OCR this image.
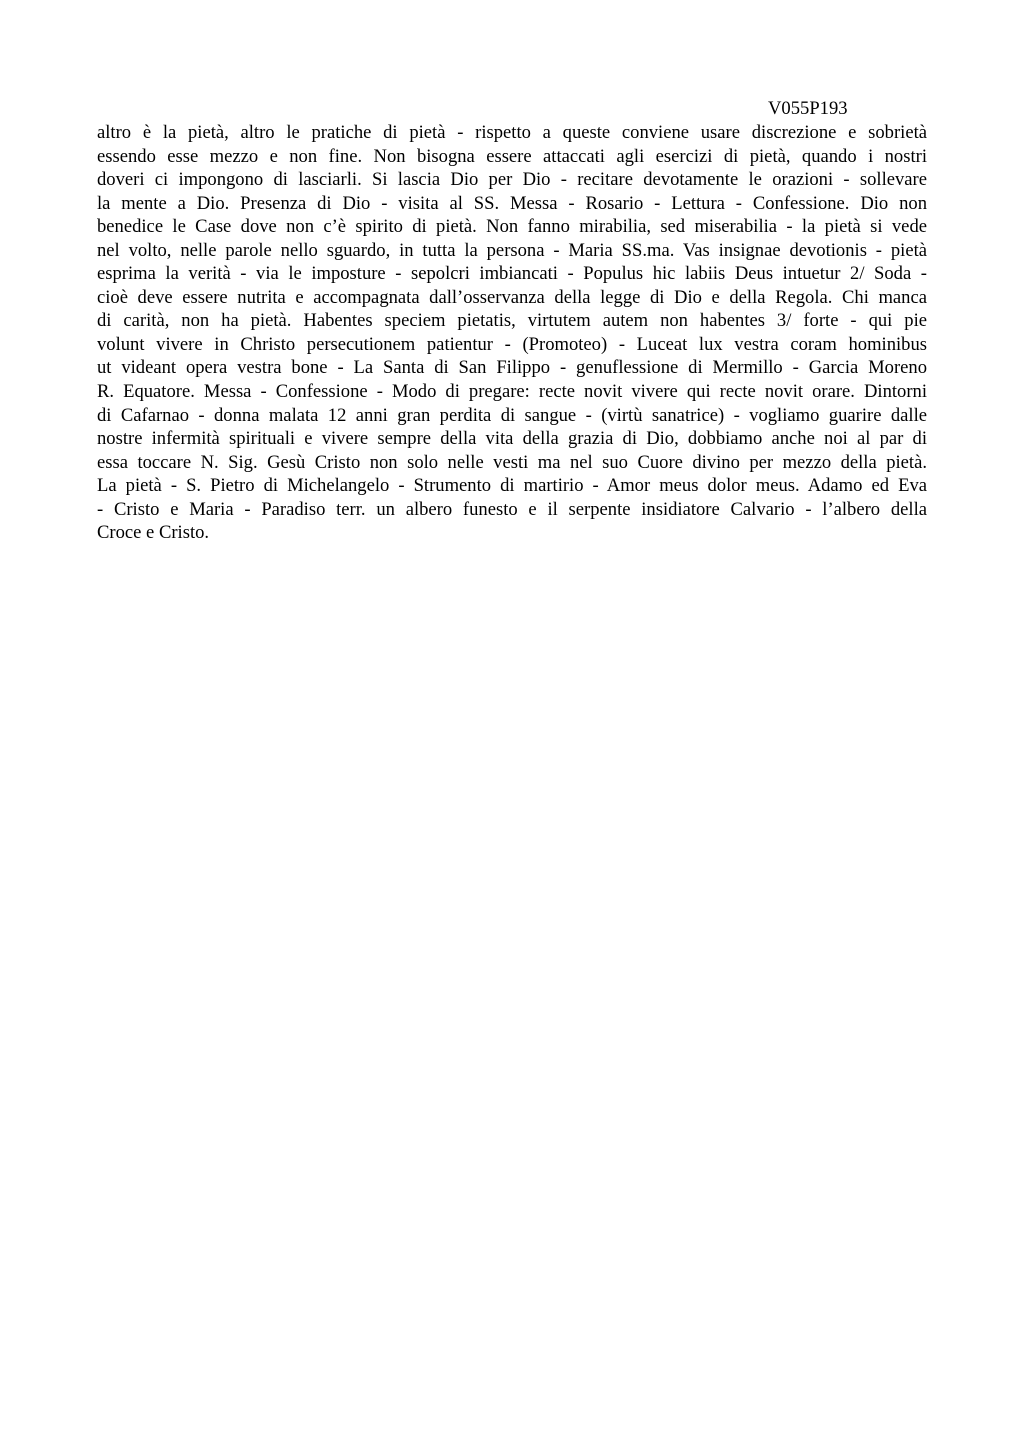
V055P193
altro è la pietà, altro le pratiche di pietà - rispetto a queste conviene usare discrezione e sobrietà
essendo esse mezzo e non fine. Non bisogna essere attaccati agli esercizi di pietà, quando i nostri
doveri ci impongono di lasciarli. Si lascia Dio per Dio - recitare devotamente le orazioni - sollevare
la mente a Dio. Presenza di Dio - visita al SS. Messa - Rosario - Lettura - Confessione. Dio non
benedice le Case dove non c’è spirito di pietà. Non fanno mirabilia, sed miserabilia - la pietà si vede
nel volto, nelle parole nello sguardo, in tutta la persona - Maria SS.ma. Vas insignae devotionis - pietà
esprima la verità - via le imposture - sepolcri imbiancati - Populus hic labiis Deus intuetur 2/ Soda -
cioè deve essere nutrita e accompagnata dall’osservanza della legge di Dio e della Regola. Chi manca
di carità, non ha pietà. Habentes speciem pietatis, virtutem autem non habentes 3/ forte - qui pie
volunt vivere in Christo persecutionem patientur - (Promoteo) - Luceat lux vestra coram hominibus
ut videant opera vestra bone - La Santa di San Filippo - genuflessione di Mermillo - Garcia Moreno
R. Equatore. Messa - Confessione - Modo di pregare: recte novit vivere qui recte novit orare. Dintorni
di Cafarnao - donna malata 12 anni gran perdita di sangue - (virtù sanatrice) - vogliamo guarire dalle
nostre infermità spirituali e vivere sempre della vita della grazia di Dio, dobbiamo anche noi al par di
essa toccare N. Sig. Gesù Cristo non solo nelle vesti ma nel suo Cuore divino per mezzo della pietà.
La pietà - S. Pietro di Michelangelo - Strumento di martirio - Amor meus dolor meus. Adamo ed Eva
- Cristo e Maria - Paradiso terr. un albero funesto e il serpente insidiatore Calvario - l’albero della
Croce e Cristo.
